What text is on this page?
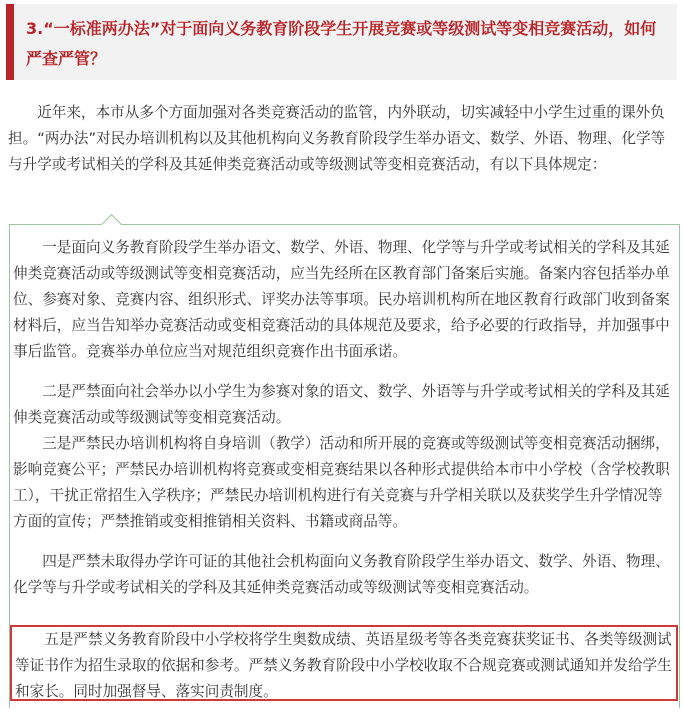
3.“一标准两办法”对于面向义务教育阶段学生开展竞赛或等级测试等变相竞赛活动，如何严查严管？

　　近年来，本市从多个方面加强对各类竞赛活动的监管，内外联动，切实减轻中小学生过重的课外负担。“两办法”对民办培训机构以及其他机构向义务教育阶段学生举办语文、数学、外语、物理、化学等与升学或考试相关的学科及其延伸类竞赛活动或等级测试等变相竞赛活动，有以下具体规定：

　　一是面向义务教育阶段学生举办语文、数学、外语、物理、化学等与升学或考试相关的学科及其延伸类竞赛活动或等级测试等变相竞赛活动，应当先经所在区教育部门备案后实施。备案内容包括举办单位、参赛对象、竞赛内容、组织形式、评奖办法等事项。民办培训机构所在地区教育行政部门收到备案材料后，应当告知举办竞赛活动或变相竞赛活动的具体规范及要求，给予必要的行政指导，并加强事中事后监管。竞赛举办单位应当对规范组织竞赛作出书面承诺。

　　二是严禁面向社会举办以小学生为参赛对象的语文、数学、外语等与升学或考试相关的学科及其延伸类竞赛活动或等级测试等变相竞赛活动。

　　三是严禁民办培训机构将自身培训（教学）活动和所开展的竞赛或等级测试等变相竞赛活动捆绑，影响竞赛公平；严禁民办培训机构将竞赛或变相竞赛结果以各种形式提供给本市中小学校（含学校教职工），干扰正常招生入学秩序；严禁民办培训机构进行有关竞赛与升学相关联以及获奖学生升学情况等方面的宣传；严禁推销或变相推销相关资料、书籍或商品等。

　　四是严禁未取得办学许可证的其他社会机构面向义务教育阶段学生举办语文、数学、外语、物理、化学等与升学或考试相关的学科及其延伸类竞赛活动或等级测试等变相竞赛活动。

　　五是严禁义务教育阶段中小学校将学生奥数成绩、英语星级考等各类竞赛获奖证书、各类等级测试等证书作为招生录取的依据和参考。严禁义务教育阶段中小学校收取不合规竞赛或测试通知并发给学生和家长。同时加强督导、落实问责制度。
